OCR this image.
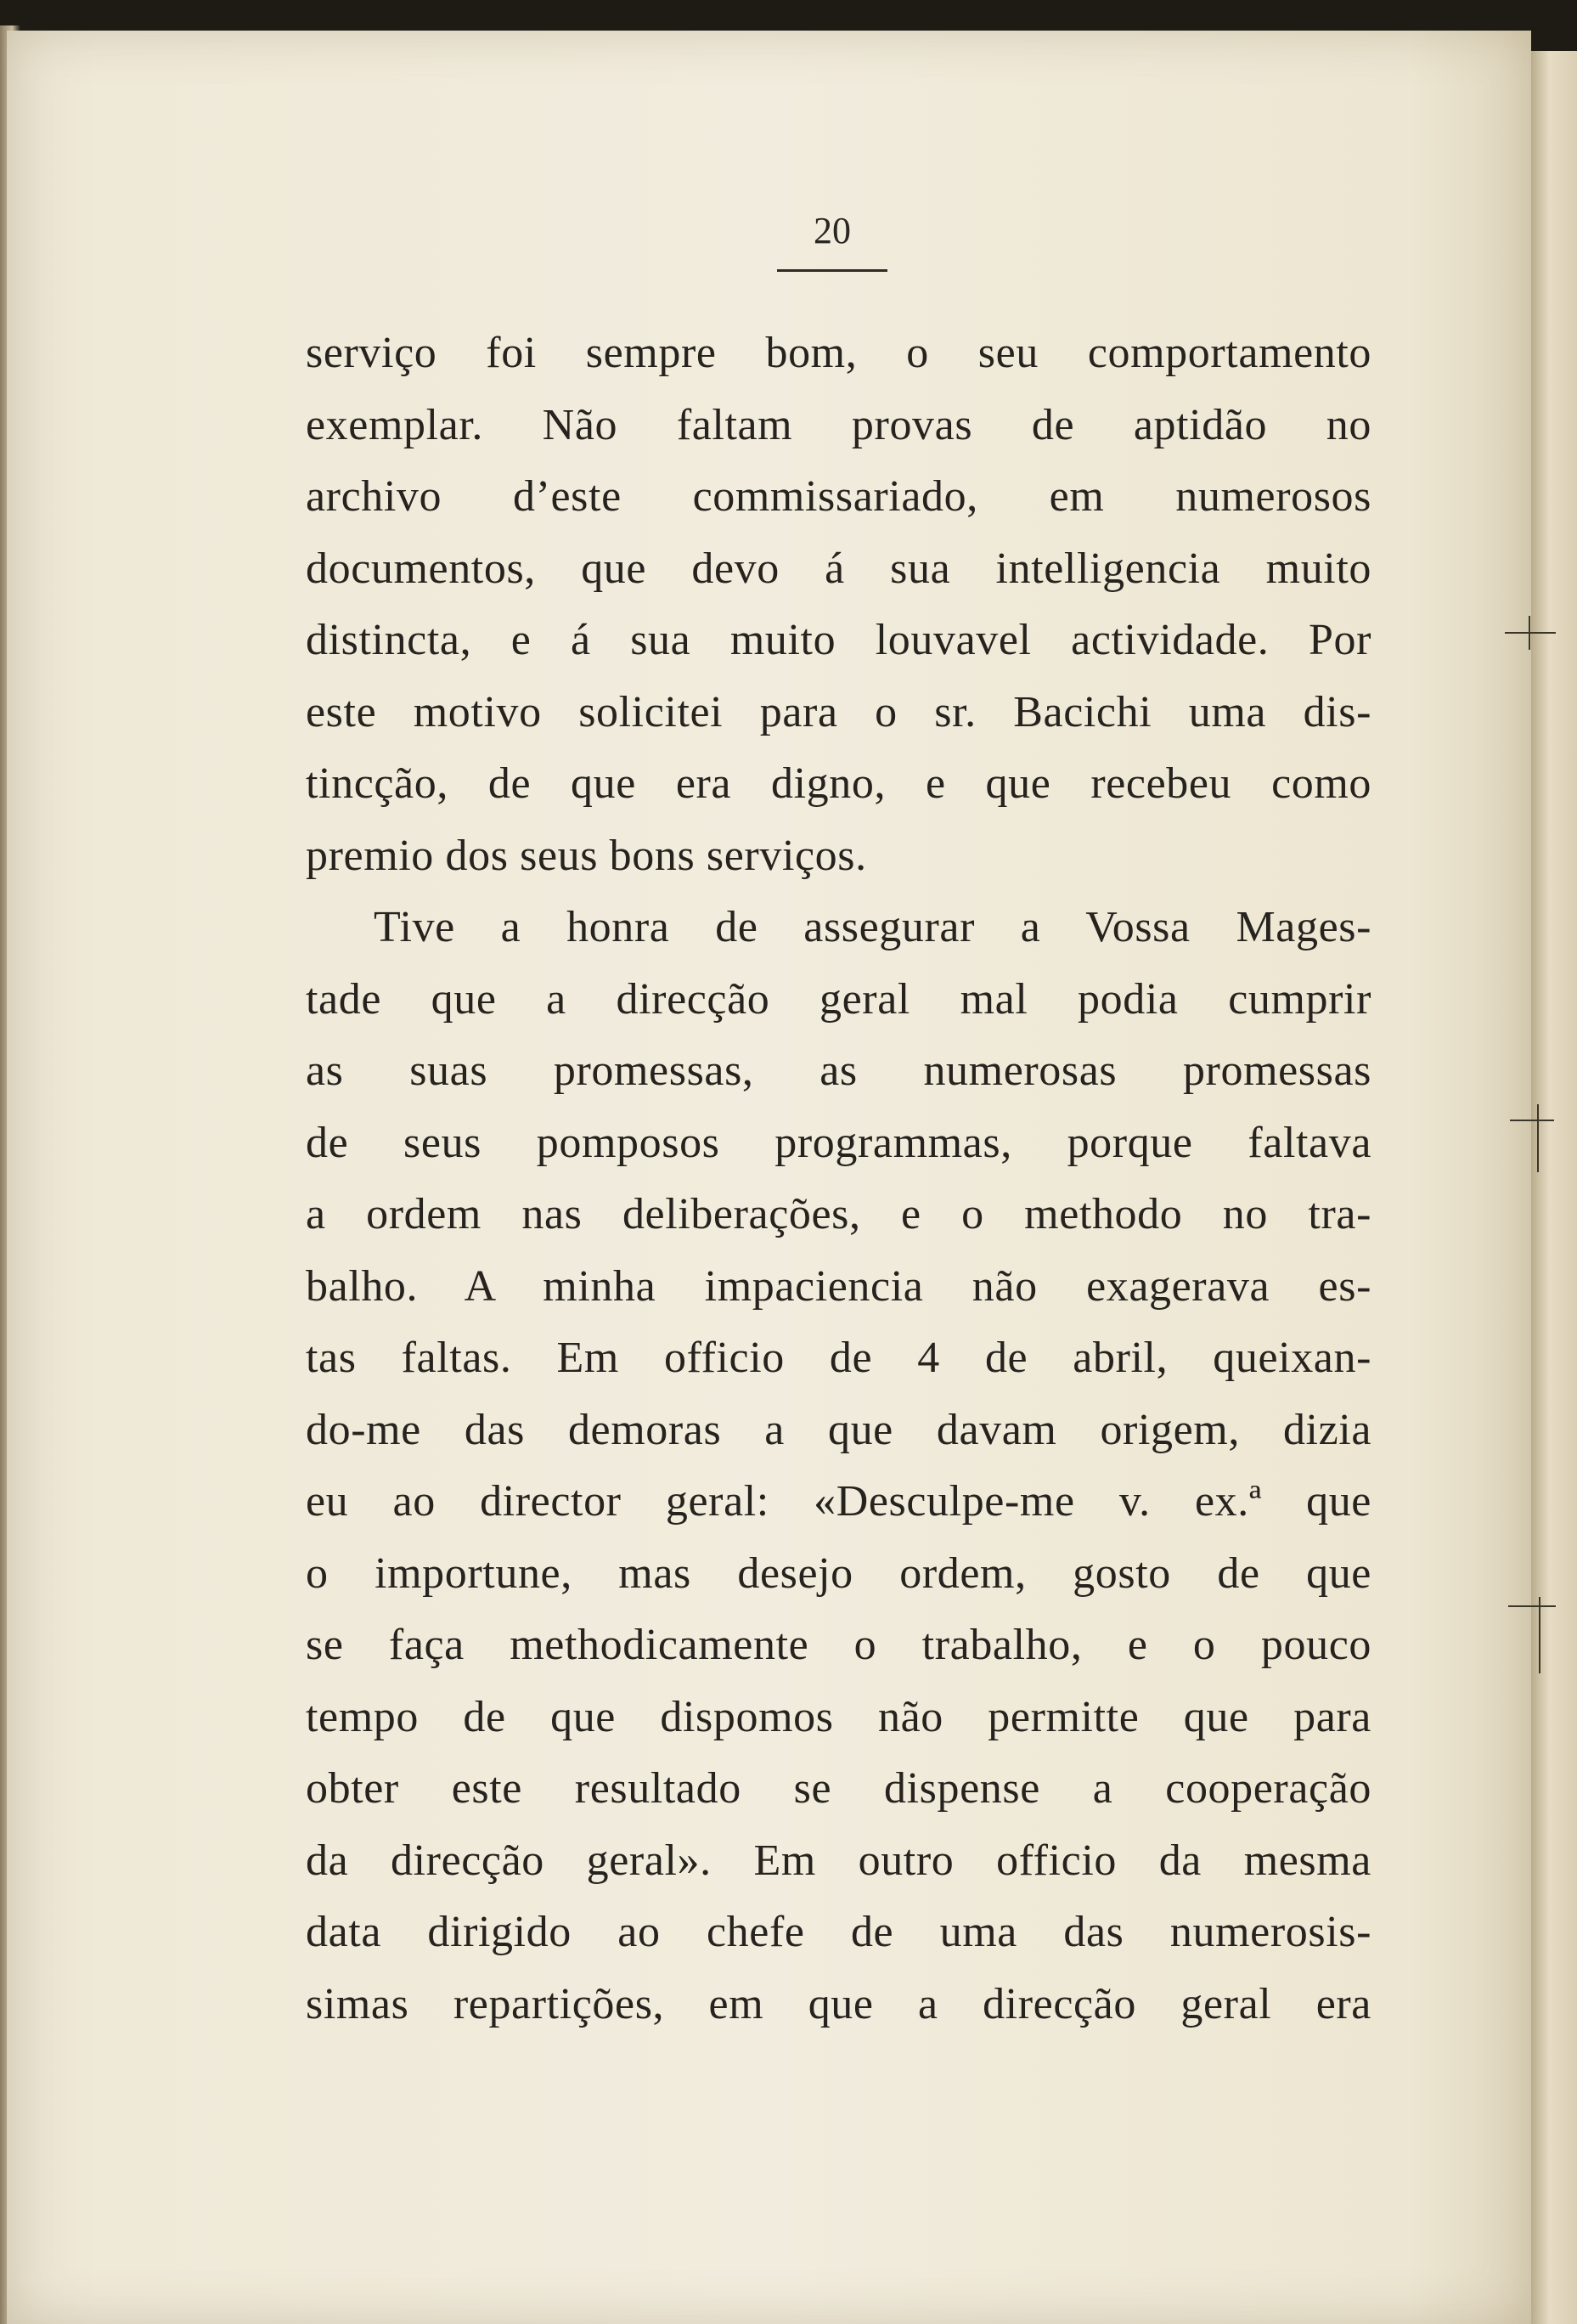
20
serviço foi sempre bom, o seu comportamento
exemplar. Não faltam provas de aptidão no
archivo d’este commissariado, em numerosos
documentos, que devo á sua intelligencia muito
distincta, e á sua muito louvavel actividade. Por
este motivo solicitei para o sr. Bacichi uma dis-
tincção, de que era digno, e que recebeu como
premio dos seus bons serviços.
Tive a honra de assegurar a Vossa Mages-
tade que a direcção geral mal podia cumprir
as suas promessas, as numerosas promessas
de seus pomposos programmas, porque faltava
a ordem nas deliberações, e o methodo no tra-
balho. A minha impaciencia não exagerava es-
tas faltas. Em officio de 4 de abril, queixan-
do-me das demoras a que davam origem, dizia
eu ao director geral: «Desculpe-me v. ex.ª que
o importune, mas desejo ordem, gosto de que
se faça methodicamente o trabalho, e o pouco
tempo de que dispomos não permitte que para
obter este resultado se dispense a cooperação
da direcção geral». Em outro officio da mesma
data dirigido ao chefe de uma das numerosis-
simas repartições, em que a direcção geral era
